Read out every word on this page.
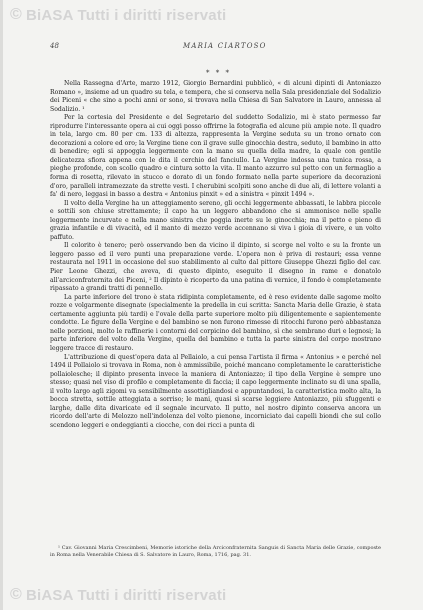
© BiASA Tutti i diritti riservati
48	MARIA CIARTOSO
* * *

Nella Rassegna d'Arte, marzo 1912, Giorgio Bernardini pubblicò, « di alcuni dipinti di Antoniazzo Romano », insieme ad un quadro su tela, e tempera, che si conserva nella Sala presidenziale del Sodalizio dei Piceni « che sino a pochi anni or sono, si trovava nella Chiesa di San Salvatore in Lauro, annessa al Sodalizio. ¹

Per la cortesia del Presidente e del Segretario del suddetto Sodalizio, mi è stato permesso far riprodurre l'interessante opera ai cui oggi posso offrirne la fotografia ed alcune più ampie note. Il quadro in tela, largo cm. 80 per cm. 133 di altezza, rappresenta la Vergine seduta su un trono ornato con decorazioni a colore ed oro; la Vergine tiene con il grave sulle ginocchia destra, seduto, il bambino in atto di benedire; egli si appoggia leggermente con la mano su quella della madre, la quale con gentile delicatezza sfiora appena con le dita il cerchio del fanciullo. La Vergine indossa una tunica rossa, a pieghe profonde, con scollo quadro e cintura sotto la vita. Il manto azzurro sul petto con un fermaglio a forma di rosetta, rilevato in stucco e dorato di un fondo formato nella parte superiore da decorazioni d'oro, paralleli intramezzate da strette vesti. I cherubini scolpiti sono anche di due ali, di lettere volanti a fa' di nero, leggasi in basso a destra « Antonius pinxit » ed a sinistra « pinxit 1494 ».

Il volto della Vergine ha un atteggiamento sereno, gli occhi leggermente abbassati, le labbra piccole e sottili son chiuse strettamente; il capo ha un leggero abbandono che si ammonisce nelle spalle leggermente incurvate e nella mano sinistra che poggia inerte su le ginocchia; ma il petto e pieno di grazia infantile e di vivacità, ed il manto di mezzo verde accennano si viva i gioia di vivere, e un volto paffuto.

Il colorito è tenero; però osservando ben da vicino il dipinto, si scorge nel volto e su la fronte un leggero passo ed il vero punti una preparazione verde. L'opera non è priva di restauri; essa venne restaurata nel 1911 in occasione del suo stabilimento al culto dal pittore Giuseppe Ghezzi figlio del cav. Pier Leone Ghezzi, che aveva, di questo dipinto, eseguito il disegno in rame e donatolo all'arciconfraternita dei Piceni, ² Il dipinto è ricoperto da una patina di vernice, il fondo è completamente ripassato a grandi tratti di pennello.

La parte inferiore del trono è stata ridipinta completamente, ed è reso evidente dalle sagome molto rozze e volgarmente disegnate (specialmente la predella in cui scritta: Sancta Maria delle Grazie, è stata certamente aggiunta più tardi) e l'ovale della parte superiore molto più diligentemente e sapientemente condotte. Le figure della Vergine e del bambino se non furono rimesse di ritocchi furono però abbastanza nelle porzioni, molto le raffinerie i contorni del corpicino del bambino, sì che sembrano duri e legnosi; la parte inferiore del volto della Vergine, quella del bambino e tutta la parte sinistra del corpo mostrano leggere tracce di restauro.

L'attribuzione di quest'opera data al Pellaiolo, a cui pensa l'artista il firma « Antonius » e perché nel 1494 il Pollaiolo si trovava in Roma, non è ammissibile, poiché mancano completamente le caratteristiche pollaiolesche; il dipinto presenta invece la maniera di Antoniazzo; il tipo della Vergine è sempre uno stesso; quasi nel viso di profilo e completamente di faccia; il capo leggermente inclinato su di una spalla, il volto largo agli zigomi va sensibilmente assottigliandosi e appuntandosi, la caratteristica molto alta, la bocca stretta, sottile atteggiata a sorriso; le mani, quasi sì scarse leggiere Antoniazzo, più sfuggenti e larghe, dalle dita divaricate ed il segnale incurvato. Il putto, nel nostro dipinto conserva ancora un ricordo dell'arte di Melozzo nell'indolenza del volto pienone, incorniciato dai capelli biondi che sul collo scendono leggeri e ondeggianti a ciocche, con dei ricci a punta di

¹ Cav. Giovanni Maria Crescimbeni, Memorie istoriche della Arciconfraternita Sanguis di Sancta Maria delle Grazie, composte in Roma nella Venerabile Chiesa di S. Salvatore in Lauro, Roma, 1716, pag. 31.

© BiASA Tutti i diritti riservati
